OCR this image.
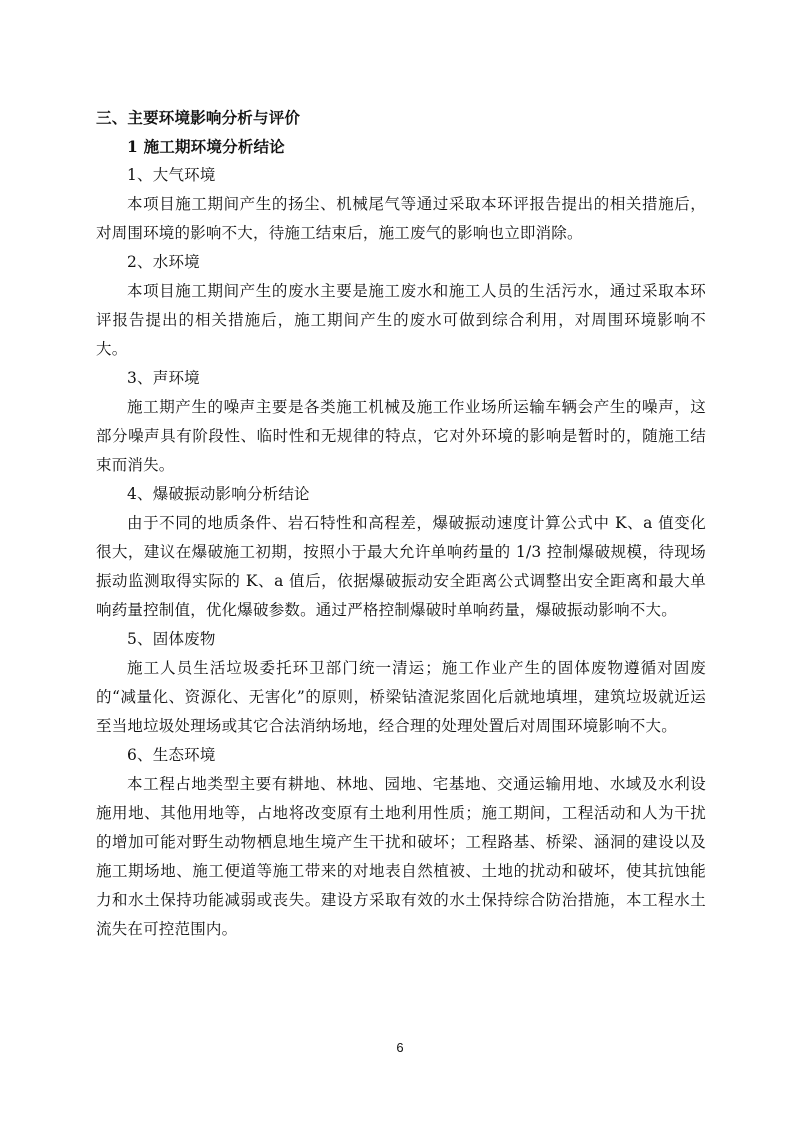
三、主要环境影响分析与评价

1 施工期环境分析结论

1、大气环境

本项目施工期间产生的扬尘、机械尾气等通过采取本环评报告提出的相关措施后，对周围环境的影响不大，待施工结束后，施工废气的影响也立即消除。

2、水环境

本项目施工期间产生的废水主要是施工废水和施工人员的生活污水，通过采取本环评报告提出的相关措施后，施工期间产生的废水可做到综合利用，对周围环境影响不大。

3、声环境

施工期产生的噪声主要是各类施工机械及施工作业场所运输车辆会产生的噪声，这部分噪声具有阶段性、临时性和无规律的特点，它对外环境的影响是暂时的，随施工结束而消失。

4、爆破振动影响分析结论

由于不同的地质条件、岩石特性和高程差，爆破振动速度计算公式中 K、a 值变化很大，建议在爆破施工初期，按照小于最大允许单响药量的 1/3 控制爆破规模，待现场振动监测取得实际的 K、a 值后，依据爆破振动安全距离公式调整出安全距离和最大单响药量控制值，优化爆破参数。通过严格控制爆破时单响药量，爆破振动影响不大。

5、固体废物

施工人员生活垃圾委托环卫部门统一清运；施工作业产生的固体废物遵循对固废的“减量化、资源化、无害化”的原则，桥梁钻渣泥浆固化后就地填埋，建筑垃圾就近运至当地垃圾处理场或其它合法消纳场地，经合理的处理处置后对周围环境影响不大。

6、生态环境

本工程占地类型主要有耕地、林地、园地、宅基地、交通运输用地、水域及水利设施用地、其他用地等，占地将改变原有土地利用性质；施工期间，工程活动和人为干扰的增加可能对野生动物栖息地生境产生干扰和破坏；工程路基、桥梁、涵洞的建设以及施工期场地、施工便道等施工带来的对地表自然植被、土地的扰动和破坏，使其抗蚀能力和水土保持功能减弱或丧失。建设方采取有效的水土保持综合防治措施，本工程水土流失在可控范围内。

6
